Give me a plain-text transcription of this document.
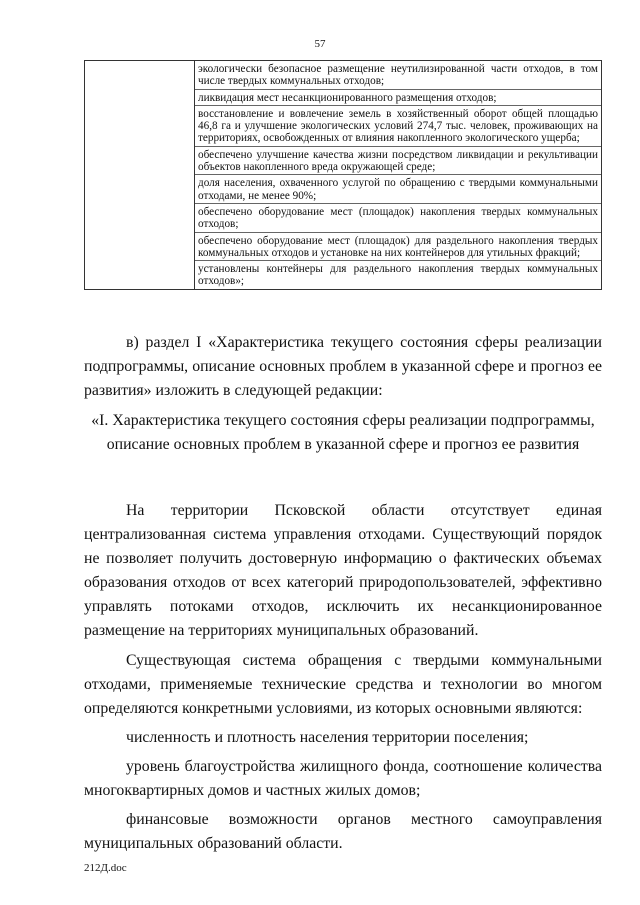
57

экологически безопасное размещение неутилизированной части отходов, в том числе твердых коммунальных отходов;
ликвидация мест несанкционированного размещения отходов;
восстановление и вовлечение земель в хозяйственный оборот общей площадью 46,8 га и улучшение экологических условий 274,7 тыс. человек, проживающих на территориях, освобожденных от влияния накопленного экологического ущерба;
обеспечено улучшение качества жизни посредством ликвидации и рекультивации объектов накопленного вреда окружающей среде;
доля населения, охваченного услугой по обращению с твердыми коммунальными отходами, не менее 90%;
обеспечено оборудование мест (площадок) накопления твердых коммунальных отходов;
обеспечено оборудование мест (площадок) для раздельного накопления твердых коммунальных отходов и установке на них контейнеров для утильных фракций;
установлены контейнеры для раздельного накопления твердых коммунальных отходов»;

в) раздел I «Характеристика текущего состояния сферы реализации подпрограммы, описание основных проблем в указанной сфере и прогноз ее развития» изложить в следующей редакции:

«I. Характеристика текущего состояния сферы реализации подпрограммы, описание основных проблем в указанной сфере и прогноз ее развития

На территории Псковской области отсутствует единая централизованная система управления отходами. Существующий порядок не позволяет получить достоверную информацию о фактических объемах образования отходов от всех категорий природопользователей, эффективно управлять потоками отходов, исключить их несанкционированное размещение на территориях муниципальных образований.

Существующая система обращения с твердыми коммунальными отходами, применяемые технические средства и технологии во многом определяются конкретными условиями, из которых основными являются:

численность и плотность населения территории поселения;

уровень благоустройства жилищного фонда, соотношение количества многоквартирных домов и частных жилых домов;

финансовые возможности органов местного самоуправления муниципальных образований области.

212Д.doc
